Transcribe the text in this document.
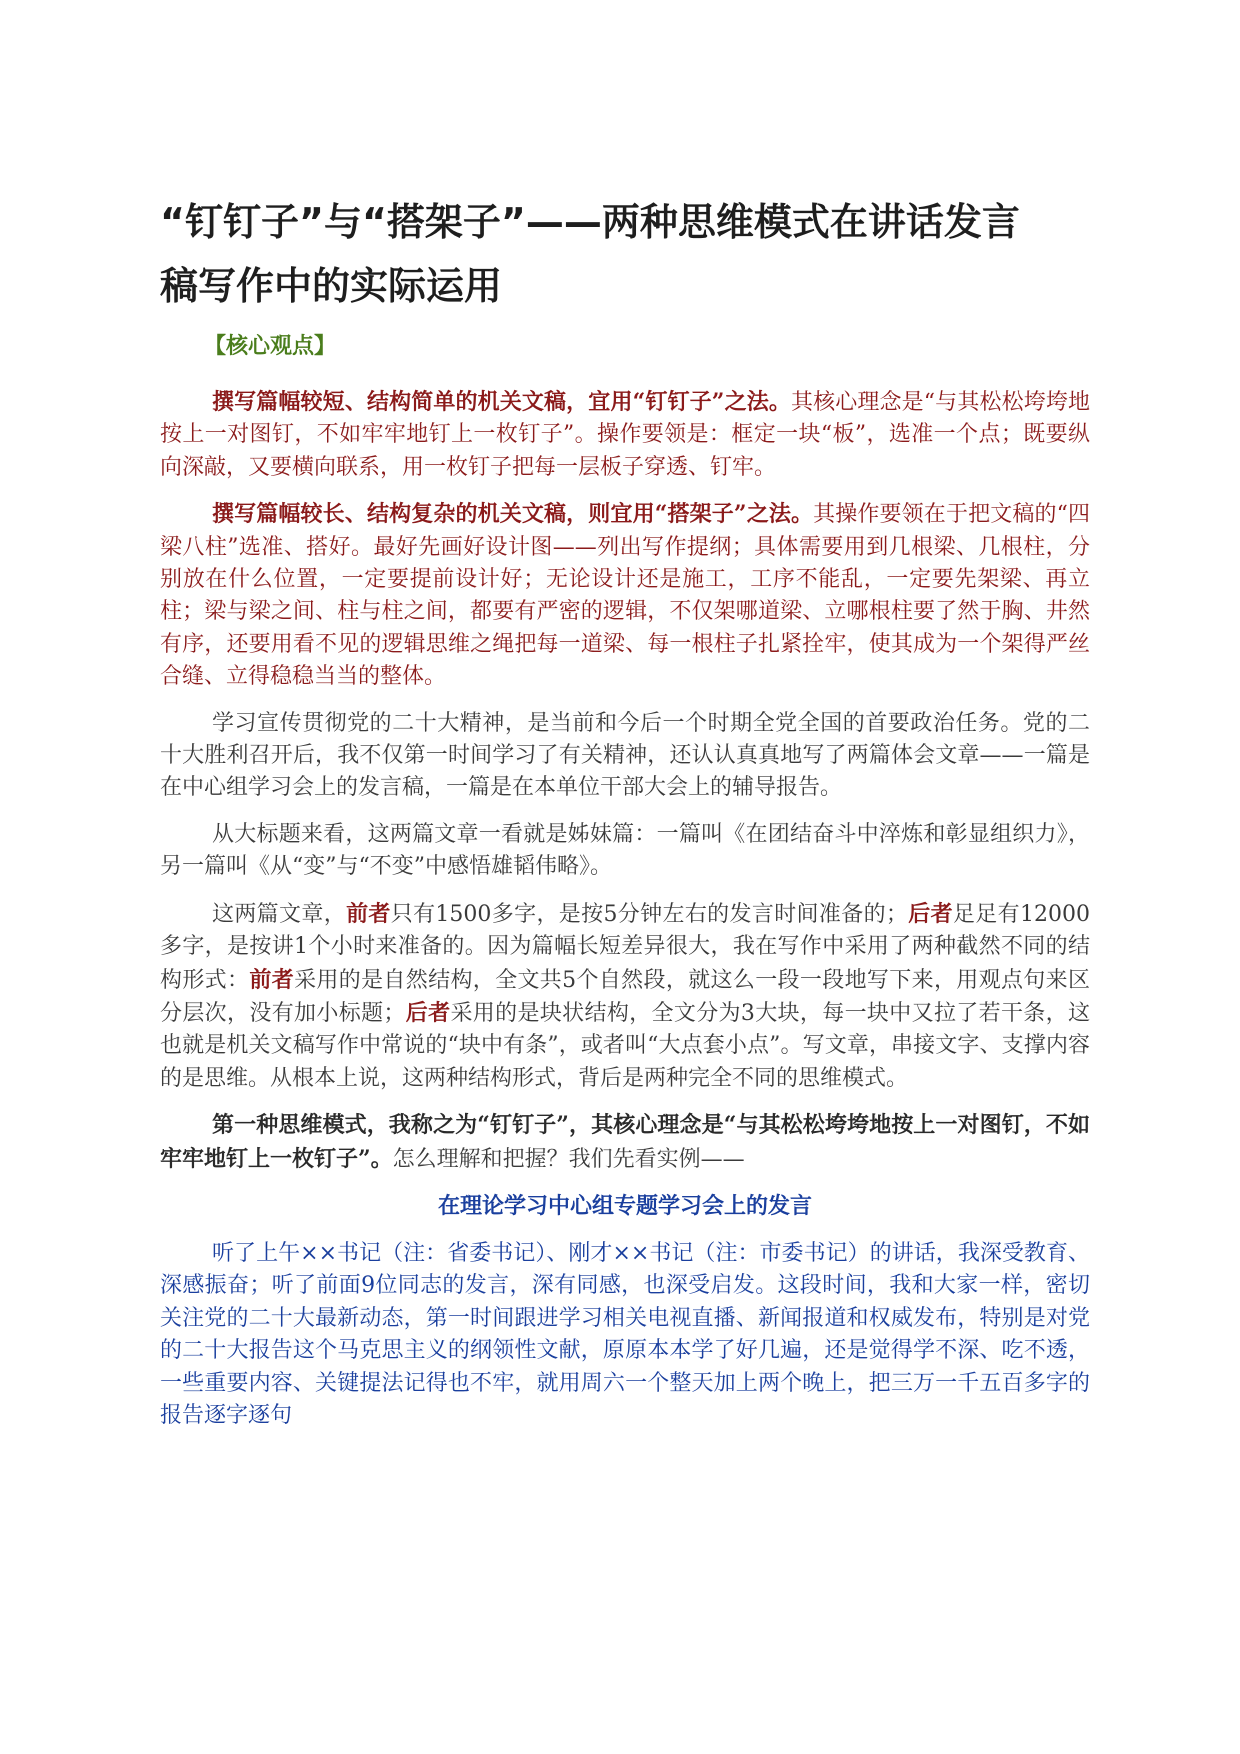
“钉钉子”与“搭架子”——两种思维模式在讲话发言
稿写作中的实际运用
【核心观点】

撰写篇幅较短、结构简单的机关文稿，宜用“钉钉子”之法。其核心理念是“与其松松垮垮地按上一对图钉，不如牢牢地钉上一枚钉子”。操作要领是：框定一块“板”，选准一个点；既要纵向深敲，又要横向联系，用一枚钉子把每一层板子穿透、钉牢。

撰写篇幅较长、结构复杂的机关文稿，则宜用“搭架子”之法。其操作要领在于把文稿的“四梁八柱”选准、搭好。最好先画好设计图——列出写作提纲；具体需要用到几根梁、几根柱，分别放在什么位置，一定要提前设计好；无论设计还是施工，工序不能乱，一定要先架梁、再立柱；梁与梁之间、柱与柱之间，都要有严密的逻辑，不仅架哪道梁、立哪根柱要了然于胸、井然有序，还要用看不见的逻辑思维之绳把每一道梁、每一根柱子扎紧拴牢，使其成为一个架得严丝合缝、立得稳稳当当的整体。

学习宣传贯彻党的二十大精神，是当前和今后一个时期全党全国的首要政治任务。党的二十大胜利召开后，我不仅第一时间学习了有关精神，还认认真真地写了两篇体会文章——一篇是在中心组学习会上的发言稿，一篇是在本单位干部大会上的辅导报告。

从大标题来看，这两篇文章一看就是姊妹篇：一篇叫《在团结奋斗中淬炼和彰显组织力》，另一篇叫《从“变”与“不变”中感悟雄韬伟略》。

这两篇文章，前者只有1500多字，是按5分钟左右的发言时间准备的；后者足足有12000多字，是按讲1个小时来准备的。因为篇幅长短差异很大，我在写作中采用了两种截然不同的结构形式：前者采用的是自然结构，全文共5个自然段，就这么一段一段地写下来，用观点句来区分层次，没有加小标题；后者采用的是块状结构，全文分为3大块，每一块中又拉了若干条，这也就是机关文稿写作中常说的“块中有条”，或者叫“大点套小点”。写文章，串接文字、支撑内容的是思维。从根本上说，这两种结构形式，背后是两种完全不同的思维模式。

第一种思维模式，我称之为“钉钉子”，其核心理念是“与其松松垮垮地按上一对图钉，不如牢牢地钉上一枚钉子”。怎么理解和把握？我们先看实例——

在理论学习中心组专题学习会上的发言

听了上午××书记（注：省委书记）、刚才××书记（注：市委书记）的讲话，我深受教育、深感振奋；听了前面9位同志的发言，深有同感，也深受启发。这段时间，我和大家一样，密切关注党的二十大最新动态，第一时间跟进学习相关电视直播、新闻报道和权威发布，特别是对党的二十大报告这个马克思主义的纲领性文献，原原本本学了好几遍，还是觉得学不深、吃不透，一些重要内容、关键提法记得也不牢，就用周六一个整天加上两个晚上，把三万一千五百多字的报告逐字逐句
